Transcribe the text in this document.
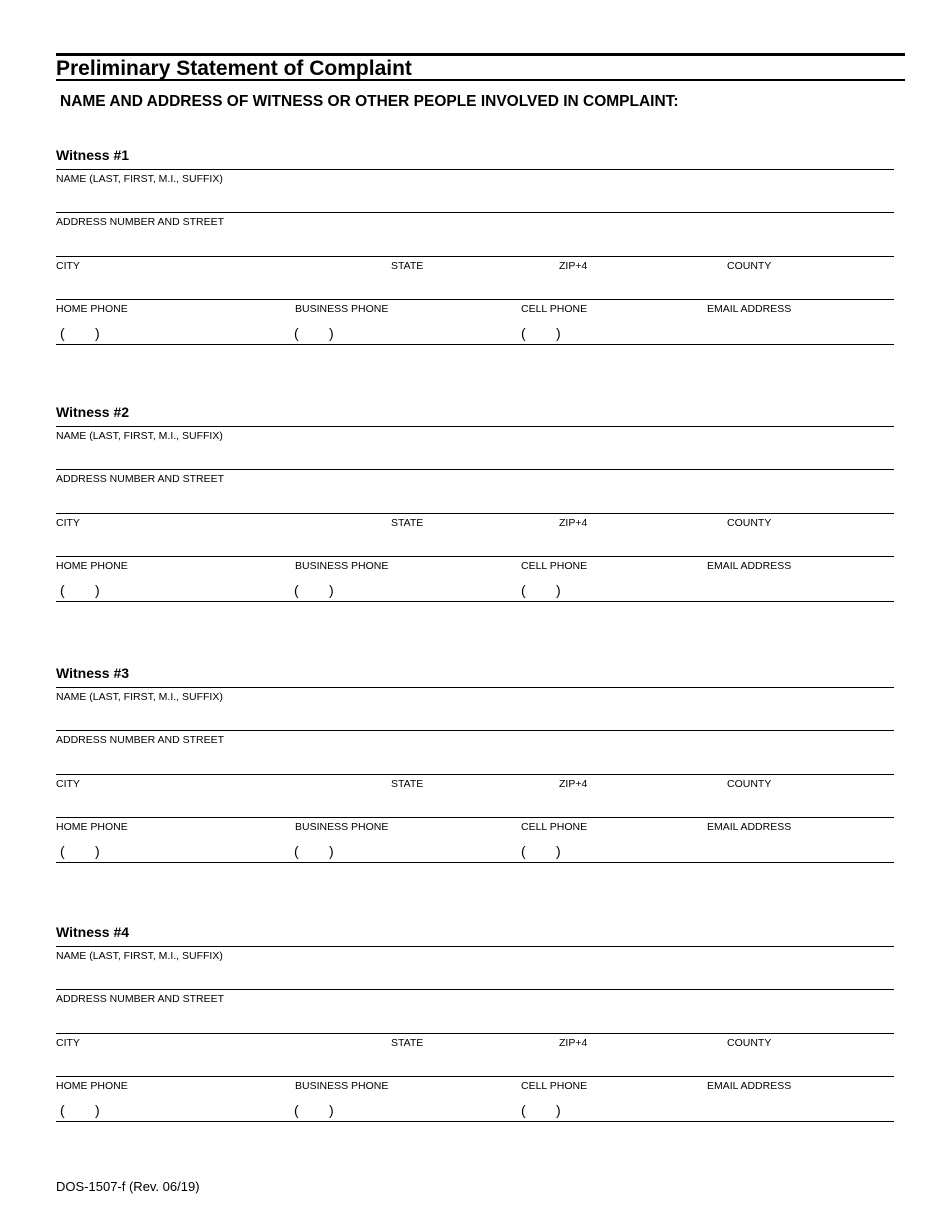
Preliminary Statement of Complaint
NAME AND ADDRESS OF WITNESS OR OTHER PEOPLE INVOLVED IN COMPLAINT:
Witness #1
NAME (LAST, FIRST, M.I., SUFFIX)
ADDRESS NUMBER AND STREET
CITY	STATE	ZIP+4	COUNTY
HOME PHONE	BUSINESS PHONE	CELL PHONE	EMAIL ADDRESS
( )	( )	( )
Witness #2
NAME (LAST, FIRST, M.I., SUFFIX)
ADDRESS NUMBER AND STREET
CITY	STATE	ZIP+4	COUNTY
HOME PHONE	BUSINESS PHONE	CELL PHONE	EMAIL ADDRESS
( )	( )	( )
Witness #3
NAME (LAST, FIRST, M.I., SUFFIX)
ADDRESS NUMBER AND STREET
CITY	STATE	ZIP+4	COUNTY
HOME PHONE	BUSINESS PHONE	CELL PHONE	EMAIL ADDRESS
( )	( )	( )
Witness #4
NAME (LAST, FIRST, M.I., SUFFIX)
ADDRESS NUMBER AND STREET
CITY	STATE	ZIP+4	COUNTY
HOME PHONE	BUSINESS PHONE	CELL PHONE	EMAIL ADDRESS
( )	( )	( )
DOS-1507-f (Rev. 06/19)
